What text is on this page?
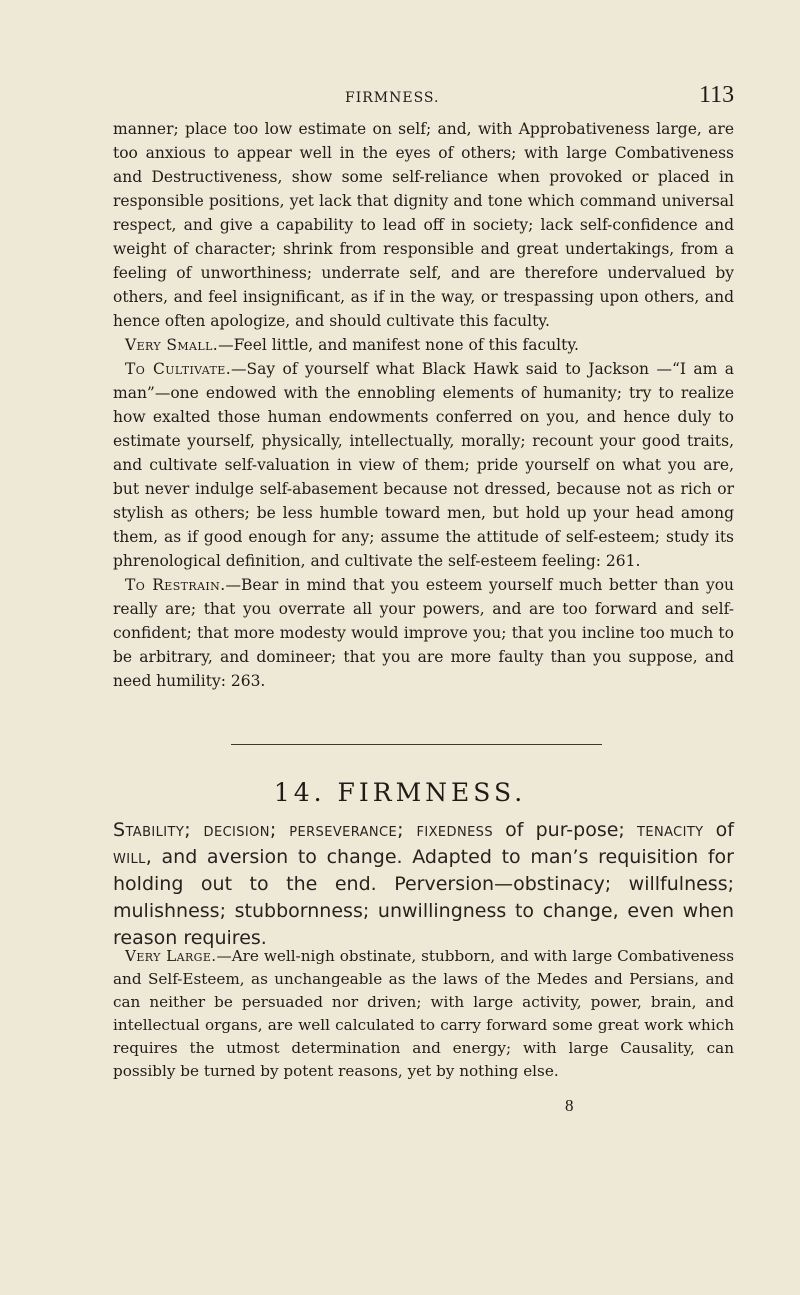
FIRMNESS.	113

manner; place too low estimate on self; and, with Approbativeness large, are too anxious to appear well in the eyes of others; with large Combativeness and Destructiveness, show some self-reliance when provoked or placed in responsible positions, yet lack that dignity and tone which command universal respect, and give a capability to lead off in society; lack self-confidence and weight of character; shrink from responsible and great undertakings, from a feeling of unworthiness; underrate self, and are therefore undervalued by others, and feel insignificant, as if in the way, or trespassing upon others, and hence often apologize, and should cultivate this faculty.

Very Small.—Feel little, and manifest none of this faculty.

To Cultivate.—Say of yourself what Black Hawk said to Jackson —“I am a man”—one endowed with the ennobling elements of humanity; try to realize how exalted those human endowments conferred on you, and hence duly to estimate yourself, physically, intellectually, morally; recount your good traits, and cultivate self-valuation in view of them; pride yourself on what you are, but never indulge self-abasement because not dressed, because not as rich or stylish as others; be less humble toward men, but hold up your head among them, as if good enough for any; assume the attitude of self-esteem; study its phrenological definition, and cultivate the self-esteem feeling: 261.

To Restrain.—Bear in mind that you esteem yourself much better than you really are; that you overrate all your powers, and are too forward and self-confident; that more modesty would improve you; that you incline too much to be arbitrary, and domineer; that you are more faulty than you suppose, and need humility: 263.

14. FIRMNESS.

Stability; decision; perseverance; fixedness of pur-pose; tenacity of will, and aversion to change. Adapted to man’s requisition for holding out to the end. Perversion—obstinacy; willfulness; mulishness; stubbornness; unwillingness to change, even when reason requires.

Very Large.—Are well-nigh obstinate, stubborn, and with large Combativeness and Self-Esteem, as unchangeable as the laws of the Medes and Persians, and can neither be persuaded nor driven; with large activity, power, brain, and intellectual organs, are well calculated to carry forward some great work which requires the utmost determination and energy; with large Causality, can possibly be turned by potent reasons, yet by nothing else.

8
